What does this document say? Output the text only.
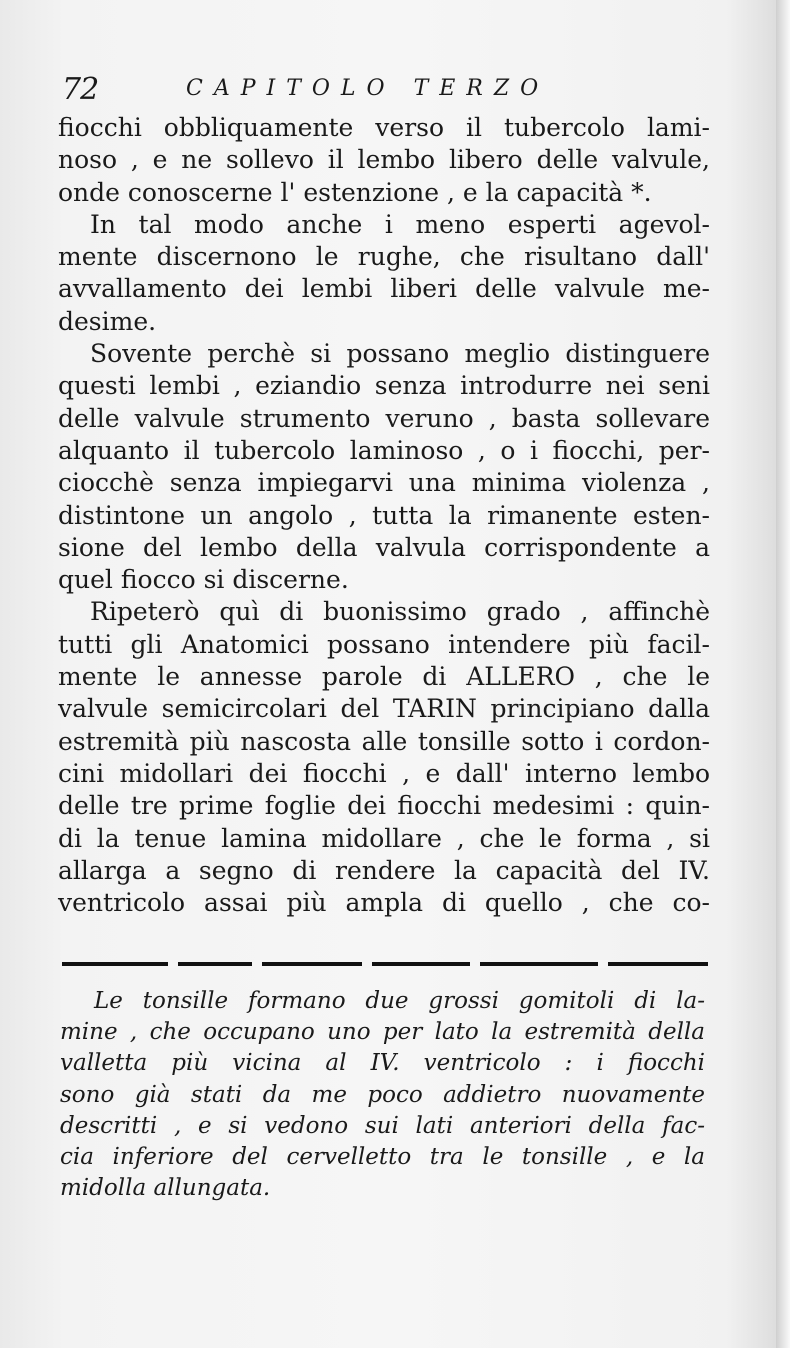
72	CAPITOLO TERZO
fiocchi obbliquamente verso il tubercolo lami-
noso , e ne sollevo il lembo libero delle valvule,
onde conoscerne l' estenzione , e la capacità *.
In tal modo anche i meno esperti agevol-
mente discernono le rughe, che risultano dall'
avvallamento dei lembi liberi delle valvule me-
desime.
Sovente perchè si possano meglio distinguere
questi lembi , eziandio senza introdurre nei seni
delle valvule strumento veruno , basta sollevare
alquanto il tubercolo laminoso , o i fiocchi, per-
ciocchè senza impiegarvi una minima violenza ,
distintone un angolo , tutta la rimanente esten-
sione del lembo della valvula corrispondente a
quel fiocco si discerne.
Ripeterò quì di buonissimo grado , affinchè
tutti gli Anatomici possano intendere più facil-
mente le annesse parole di ALLERO , che le
valvule semicircolari del TARIN principiano dalla
estremità più nascosta alle tonsille sotto i cordon-
cini midollari dei fiocchi , e dall' interno lembo
delle tre prime foglie dei fiocchi medesimi : quin-
di la tenue lamina midollare , che le forma , si
allarga a segno di rendere la capacità del IV.
ventricolo assai più ampla di quello , che co-
Le tonsille formano due grossi gomitoli di la-
mine , che occupano uno per lato la estremità della
valletta più vicina al IV. ventricolo : i fiocchi
sono già stati da me poco addietro nuovamente
descritti , e si vedono sui lati anteriori della fac-
cia inferiore del cervelletto tra le tonsille , e la
midolla allungata.
